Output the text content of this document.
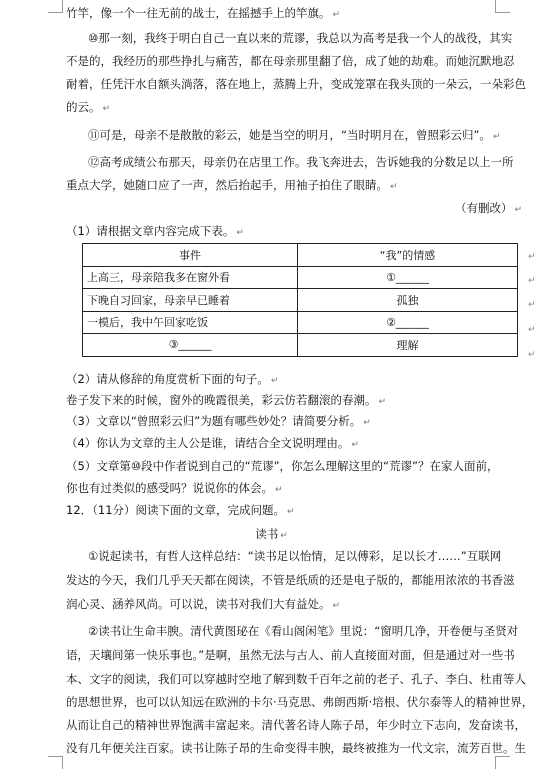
竹竿，像一个一往无前的战士，在摇撼手上的竿旗。 ↵
⑩那一刻，我终于明白自己一直以来的荒谬，我总以为高考是我一个人的战役，其实
不是的，我经历的那些挣扎与痛苦，都在母亲那里翻了倍，成了她的劫难。而她沉默地忍
耐着，任凭汗水自额头淌落，落在地上，蒸腾上升，变成笼罩在我头顶的一朵云，一朵彩色
的云。 ↵
⑪可是，母亲不是散散的彩云，她是当空的明月，“当时明月在，曾照彩云归”。 ↵
⑫高考成绩公布那天，母亲仍在店里工作。我飞奔进去，告诉她我的分数足以上一所
重点大学，她随口应了一声，然后抬起手，用袖子拍住了眼睛。 ↵
（有删改） ↵
（1）请根据文章内容完成下表。 ↵
事件	“我”的情感
上高三，母亲陪我多在窗外看	①______
下晚自习回家，母亲早已睡着	孤独
一模后，我中午回家吃饭	②______
③______	理解
↵
↵
↵
↵
↵
（2）请从修辞的角度赏析下面的句子。 ↵
卷子发下来的时候，窗外的晚霞很美，彩云仿若翻滚的春潮。 ↵
（3）文章以“曾照彩云归”为题有哪些妙处？请简要分析。 ↵
（4）你认为文章的主人公是谁，请结合全文说明理由。 ↵
（5）文章第⑩段中作者说到自己的“荒谬”，你怎么理解这里的“荒谬”？在家人面前，
你也有过类似的感受吗？说说你的体会。 ↵
12．（11分）阅读下面的文章，完成问题。 ↵
读书 ↵
①说起读书，有哲人这样总结：“读书足以怡情，足以傅彩，足以长才……”互联网
发达的今天，我们几乎天天都在阅读，不管是纸质的还是电子版的，都能用浓浓的书香滋
润心灵、涵养风尚。可以说，读书对我们大有益处。 ↵
②读书让生命丰腴。清代黄图珌在《看山阁闲笔》里说：“窗明几净，开卷便与圣贤对
语，天壤间第一快乐事也。”是啊，虽然无法与古人、前人直接面对面，但是通过对一些书
本、文字的阅读，我们可以穿越时空地了解到数千百年之前的老子、孔子、李白、杜甫等人
的思想世界，也可以认知远在欧洲的卡尔·马克思、弗朗西斯·培根、伏尔泰等人的精神世界，
从而让自己的精神世界饱满丰富起来。清代著名诗人陈子昂，年少时立下志向，发奋读书，
没有几年便关注百家。读书让陈子昂的生命变得丰腴，最终被推为一代文宗，流芳百世。生
